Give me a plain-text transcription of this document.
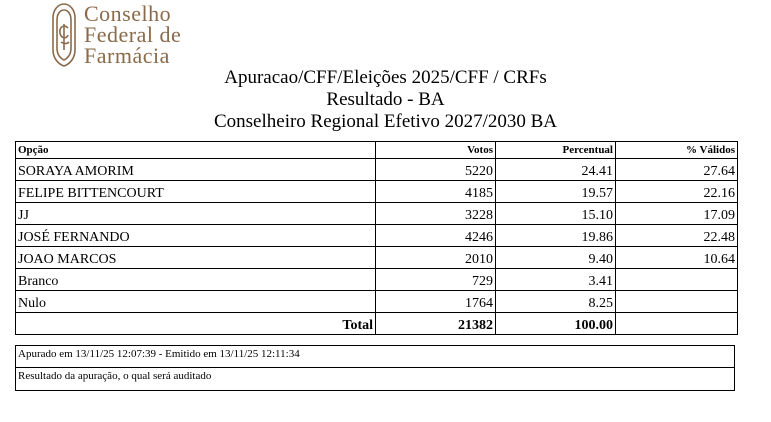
Conselho
Federal de
Farmácia
Apuracao/CFF/Eleições 2025/CFF / CRFs
Resultado - BA
Conselheiro Regional Efetivo 2027/2030 BA
Opção	Votos	Percentual	% Válidos
SORAYA AMORIM	5220	24.41	27.64
FELIPE BITTENCOURT	4185	19.57	22.16
JJ	3228	15.10	17.09
JOSÉ FERNANDO	4246	19.86	22.48
JOAO MARCOS	2010	9.40	10.64
Branco	729	3.41	
Nulo	1764	8.25	
Total	21382	100.00	
Apurado em 13/11/25 12:07:39 - Emitido em 13/11/25 12:11:34
Resultado da apuração, o qual será auditado
